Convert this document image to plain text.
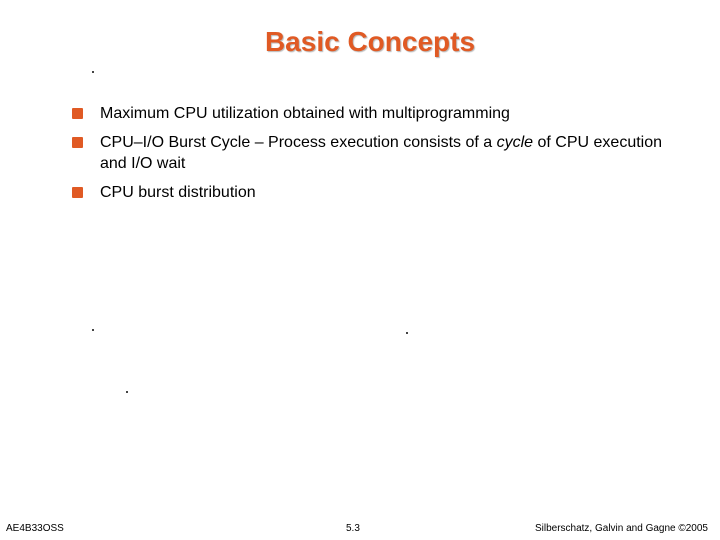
Basic Concepts
Maximum CPU utilization obtained with multiprogramming
CPU–I/O Burst Cycle – Process execution consists of a cycle of CPU execution and I/O wait
CPU burst distribution
AE4B33OSS	5.3	Silberschatz, Galvin and Gagne ©2005
